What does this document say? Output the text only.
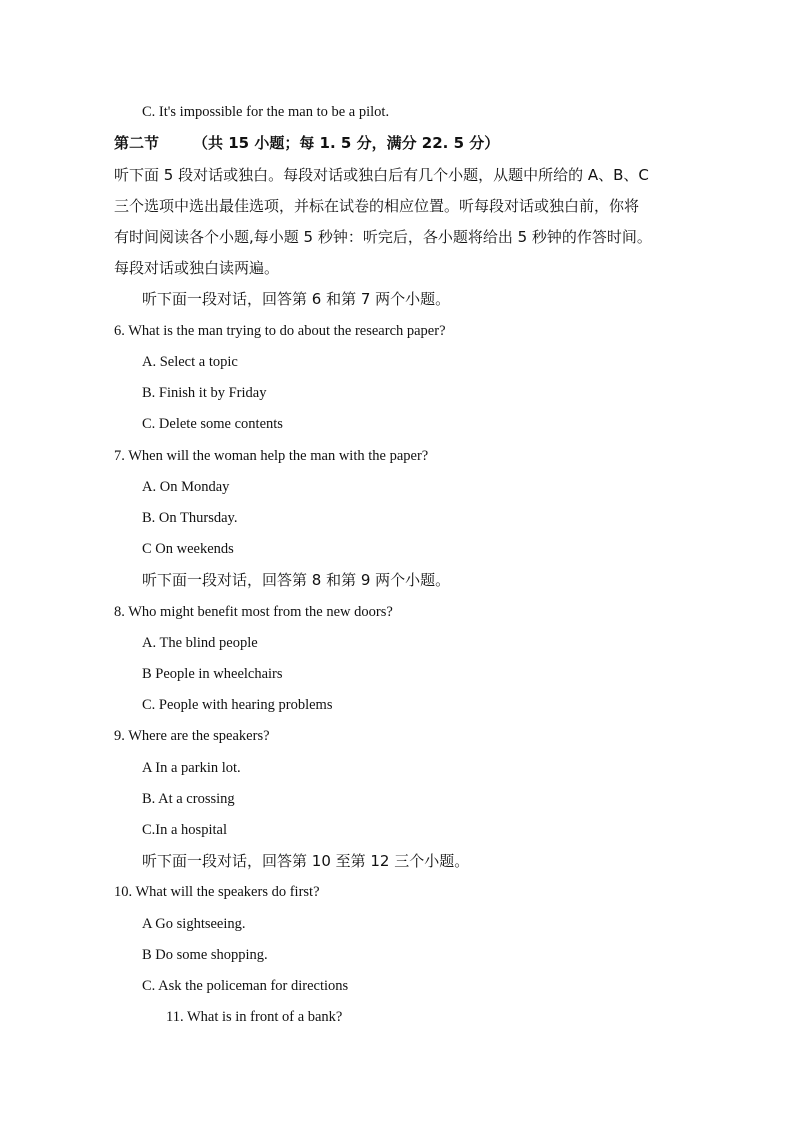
C. It's impossible for the man to be a pilot.
第二节 （共 15 小题；每 1. 5 分，满分 22. 5 分）
听下面 5 段对话或独白。每段对话或独白后有几个小题，从题中所给的 A、B、C
三个选项中选出最佳选项，并标在试卷的相应位置。听每段对话或独白前，你将
有时间阅读各个小题,每小题 5 秒钟：听完后，各小题将给出 5 秒钟的作答时间。
每段对话或独白读两遍。
听下面一段对话，回答第 6 和第 7 两个小题。
6. What is the man trying to do about the research paper?
A. Select a topic
B. Finish it by Friday
C. Delete some contents
7. When will the woman help the man with the paper?
A. On Monday
B. On Thursday.
C On weekends
听下面一段对话，回答第 8 和第 9 两个小题。
8. Who might benefit most from the new doors?
A. The blind people
B People in wheelchairs
C. People with hearing problems
9. Where are the speakers?
A In a parkin lot.
B. At a crossing
C.In a hospital
听下面一段对话，回答第 10 至第 12 三个小题。
10. What will the speakers do first?
A Go sightseeing.
B Do some shopping.
C. Ask the policeman for directions
11. What is in front of a bank?
